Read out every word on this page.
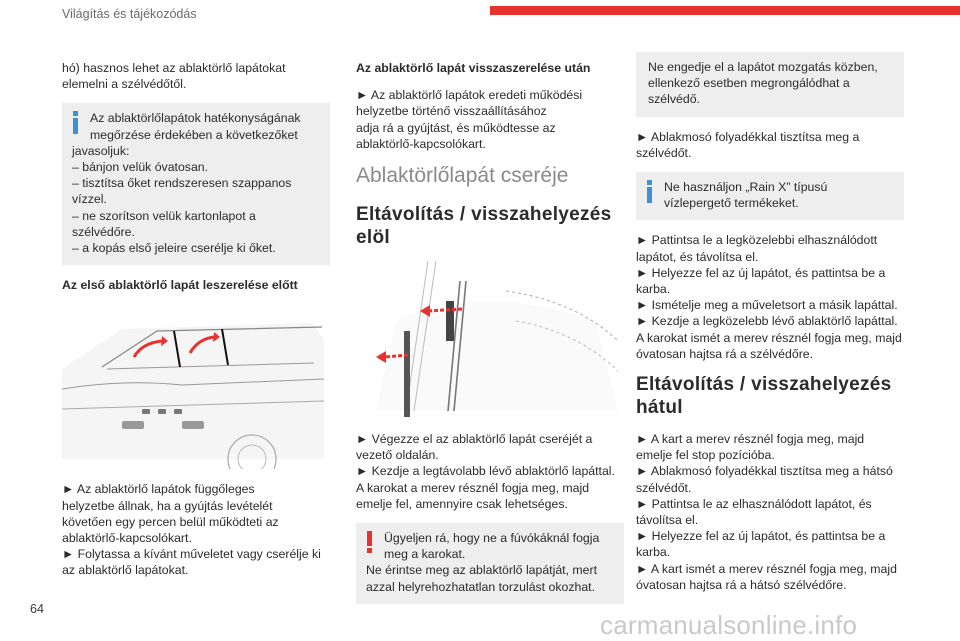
Világítás és tájékozódás

hó) hasznos lehet az ablaktörlő lapátokat
elemelni a szélvédőtől.

Az ablaktörlőlapátok hatékonyságának
megőrzése érdekében a következőket
javasoljuk:
– bánjon velük óvatosan.
– tisztítsa őket rendszeresen szappanos
vízzel.
– ne szorítson velük kartonlapot a
szélvédőre.
– a kopás első jeleire cserélje ki őket.
Az első ablaktörlő lapát leszerelése előtt

► Az ablaktörlő lapátok függőleges
helyzetbe állnak, ha a gyújtás levételét
követően egy percen belül működteti az
ablaktörlő-kapcsolókart.
► Folytassa a kívánt műveletet vagy cserélje ki
az ablaktörlő lapátokat.

Az ablaktörlő lapát visszaszerelése után

► Az ablaktörlő lapátok eredeti működési
helyzetbe történő visszaállításához
adja rá a gyújtást, és működtesse az
ablaktörlő-kapcsolókart.

Ablaktörlőlapát cseréje
Eltávolítás / visszahelyezés
elöl

► Végezze el az ablaktörlő lapát cseréjét a
vezető oldalán.
► Kezdje a legtávolabb lévő ablaktörlő lapáttal.
A karokat a merev résznél fogja meg, majd
emelje fel, amennyire csak lehetséges.

Ügyeljen rá, hogy ne a fúvókáknál fogja
meg a karokat.
Ne érintse meg az ablaktörlő lapátját, mert
azzal helyrehozhatatlan torzulást okozhat.
Ne engedje el a lapátot mozgatás közben,
ellenkező esetben megrongálódhat a
szélvédő.

► Ablakmosó folyadékkal tisztítsa meg a
szélvédőt.

Ne használjon „Rain X” típusú
vízlepergető termékeket.

► Pattintsa le a legközelebbi elhasználódott
lapátot, és távolítsa el.
► Helyezze fel az új lapátot, és pattintsa be a
karba.
► Ismételje meg a műveletsort a másik lapáttal.
► Kezdje a legközelebb lévő ablaktörlő lapáttal.
A karokat ismét a merev résznél fogja meg, majd
óvatosan hajtsa rá a szélvédőre.

Eltávolítás / visszahelyezés
hátul

► A kart a merev résznél fogja meg, majd
emelje fel stop pozícióba.
► Ablakmosó folyadékkal tisztítsa meg a hátsó
szélvédőt.
► Pattintsa le az elhasználódott lapátot, és
távolítsa el.
► Helyezze fel az új lapátot, és pattintsa be a
karba.
► A kart ismét a merev résznél fogja meg, majd
óvatosan hajtsa rá a hátsó szélvédőre.

64
carmanualsonline.info
